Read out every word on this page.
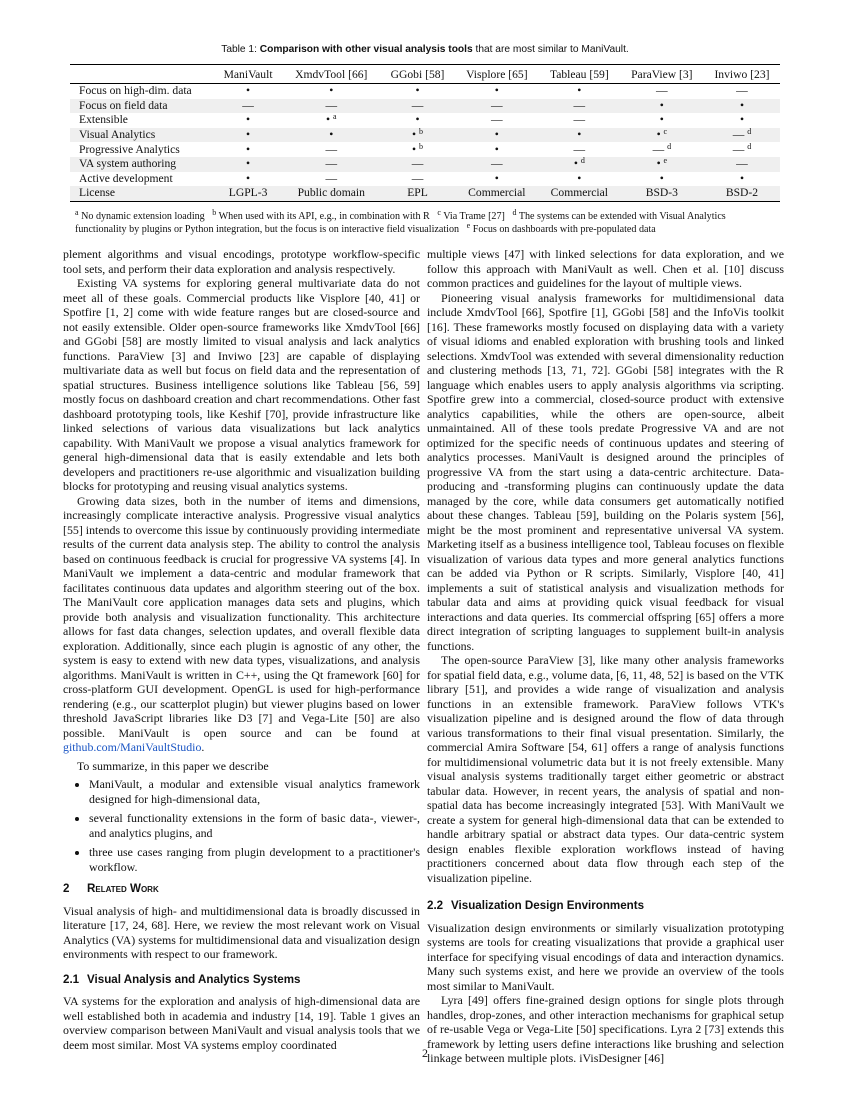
Table 1: Comparison with other visual analysis tools that are most similar to ManiVault.
	ManiVault	XmdvTool [66]	GGobi [58]	Visplore [65]	Tableau [59]	ParaView [3]	Inviwo [23]
Focus on high-dim. data	•	•	•	•	•	—	—
Focus on field data	—	—	—	—	—	•	•
Extensible	•	• $^a$	•	—	—	•	•
Visual Analytics	•	•	• $^b$	•	•	• $^c$	— $^d$
Progressive Analytics	•	—	• $^b$	•	—	— $^d$	— $^d$
VA system authoring	•	—	—	—	• $^d$	• $^e$	—
Active development	•	—	—	•	•	•	•
License	LGPL-3	Public domain	EPL	Commercial	Commercial	BSD-3	BSD-2
$^a$ No dynamic extension loading  $^b$ When used with its API, e.g., in combination with R  $^c$ Via Trame [27]  $^d$ The systems can be extended with Visual Analytics functionality by plugins or Python integration, but the focus is on interactive field visualization  $^e$ Focus on dashboards with pre-populated data 

plement algorithms and visual encodings, prototype workflow-specific tool sets, and perform their data exploration and analysis respectively.

Existing VA systems for exploring general multivariate data do not meet all of these goals. Commercial products like Visplore [40, 41] or Spotfire [1, 2] come with wide feature ranges but are closed-source and not easily extensible. Older open-source frameworks like XmdvTool [66] and GGobi [58] are mostly limited to visual analysis and lack analytics functions. ParaView [3] and Inviwo [23] are capable of displaying multivariate data as well but focus on field data and the representation of spatial structures. Business intelligence solutions like Tableau [56, 59] mostly focus on dashboard creation and chart recommendations. Other fast dashboard prototyping tools, like Keshif [70], provide infrastructure like linked selections of various data visualizations but lack analytics capability. With ManiVault we propose a visual analytics framework for general high-dimensional data that is easily extendable and lets both developers and practitioners re-use algorithmic and visualization building blocks for prototyping and reusing visual analytics systems.

Growing data sizes, both in the number of items and dimensions, increasingly complicate interactive analysis. Progressive visual analytics [55] intends to overcome this issue by continuously providing intermediate results of the current data analysis step. The ability to control the analysis based on continuous feedback is crucial for progressive VA systems [4]. In ManiVault we implement a data-centric and modular framework that facilitates continuous data updates and algorithm steering out of the box. The ManiVault core application manages data sets and plugins, which provide both analysis and visualization functionality. This architecture allows for fast data changes, selection updates, and overall flexible data exploration. Additionally, since each plugin is agnostic of any other, the system is easy to extend with new data types, visualizations, and analysis algorithms. ManiVault is written in C++, using the Qt framework [60] for cross-platform GUI development. OpenGL is used for high-performance rendering (e.g., our scatterplot plugin) but viewer plugins based on lower threshold JavaScript libraries like D3 [7] and Vega-Lite [50] are also possible. ManiVault is open source and can be found at github.com/ManiVaultStudio.

To summarize, in this paper we describe

• ManiVault, a modular and extensible visual analytics framework designed for high-dimensional data,
• several functionality extensions in the form of basic data-, viewer-, and analytics plugins, and
• three use cases ranging from plugin development to a practitioner's workflow.
2 Related Work

Visual analysis of high- and multidimensional data is broadly discussed in literature [17, 24, 68]. Here, we review the most relevant work on Visual Analytics (VA) systems for multidimensional data and visualization design environments with respect to our framework.

2.1 Visual Analysis and Analytics Systems

VA systems for the exploration and analysis of high-dimensional data are well established both in academia and industry [14, 19]. Table 1 gives an overview comparison between ManiVault and visual analysis tools that we deem most similar. Most VA systems employ coordinated

multiple views [47] with linked selections for data exploration, and we follow this approach with ManiVault as well. Chen et al. [10] discuss common practices and guidelines for the layout of multiple views.

Pioneering visual analysis frameworks for multidimensional data include XmdvTool [66], Spotfire [1], GGobi [58] and the InfoVis toolkit [16]. These frameworks mostly focused on displaying data with a variety of visual idioms and enabled exploration with brushing tools and linked selections. XmdvTool was extended with several dimensionality reduction and clustering methods [13, 71, 72]. GGobi [58] integrates with the R language which enables users to apply analysis algorithms via scripting. Spotfire grew into a commercial, closed-source product with extensive analytics capabilities, while the others are open-source, albeit unmaintained. All of these tools predate Progressive VA and are not optimized for the specific needs of continuous updates and steering of analytics processes. ManiVault is designed around the principles of progressive VA from the start using a data-centric architecture. Data-producing and -transforming plugins can continuously update the data managed by the core, while data consumers get automatically notified about these changes. Tableau [59], building on the Polaris system [56], might be the most prominent and representative universal VA system. Marketing itself as a business intelligence tool, Tableau focuses on flexible visualization of various data types and more general analytics functions can be added via Python or R scripts. Similarly, Visplore [40, 41] implements a suit of statistical analysis and visualization methods for tabular data and aims at providing quick visual feedback for visual interactions and data queries. Its commercial offspring [65] offers a more direct integration of scripting languages to supplement built-in analysis functions.

The open-source ParaView [3], like many other analysis frameworks for spatial field data, e.g., volume data, [6, 11, 48, 52] is based on the VTK library [51], and provides a wide range of visualization and analysis functions in an extensible framework. ParaView follows VTK's visualization pipeline and is designed around the flow of data through various transformations to their final visual presentation. Similarly, the commercial Amira Software [54, 61] offers a range of analysis functions for multidimensional volumetric data but it is not freely extensible. Many visual analysis systems traditionally target either geometric or abstract tabular data. However, in recent years, the analysis of spatial and non-spatial data has become increasingly integrated [53]. With ManiVault we create a system for general high-dimensional data that can be extended to handle arbitrary spatial or abstract data types. Our data-centric system design enables flexible exploration workflows instead of having practitioners concerned about data flow through each step of the visualization pipeline.

2.2 Visualization Design Environments

Visualization design environments or similarly visualization prototyping systems are tools for creating visualizations that provide a graphical user interface for specifying visual encodings of data and interaction dynamics. Many such systems exist, and here we provide an overview of the tools most similar to ManiVault.

Lyra [49] offers fine-grained design options for single plots through handles, drop-zones, and other interaction mechanisms for graphical setup of re-usable Vega or Vega-Lite [50] specifications. Lyra 2 [73] extends this framework by letting users define interactions like brushing and selection linkage between multiple plots. iVisDesigner [46]

2
